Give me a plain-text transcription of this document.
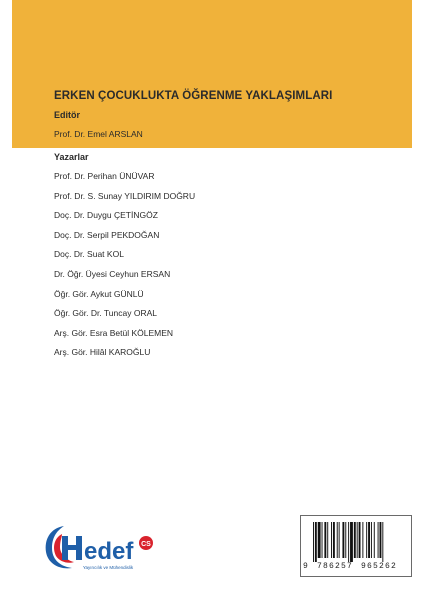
ERKEN ÇOCUKLUKTA ÖĞRENME YAKLAŞIMLARI
Editör
Prof. Dr. Emel ARSLAN
Yazarlar
Prof. Dr. Perihan ÜNÜVAR
Prof. Dr. S. Sunay YILDIRIM DOĞRU
Doç. Dr. Duygu ÇETİNGÖZ
Doç. Dr. Serpil PEKDOĞAN
Doç. Dr. Suat KOL
Dr. Öğr. Üyesi Ceyhun ERSAN
Öğr. Gör. Aykut GÜNLÜ
Öğr. Gör. Dr. Tuncay ORAL
Arş. Gör. Esra Betül KÖLEMEN
Arş. Gör. Hilâl KAROĞLU
edef CS
Yayıncılık ve Mühendislik	9 786257 965262
